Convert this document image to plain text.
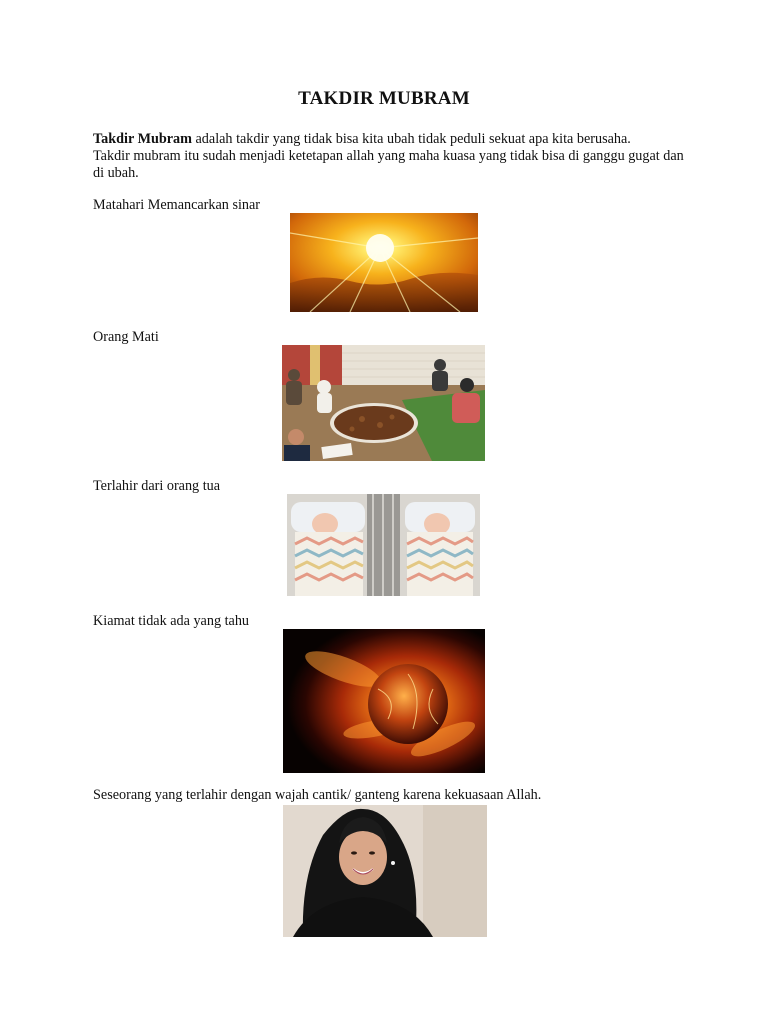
TAKDIR MUBRAM
Takdir Mubram adalah takdir yang tidak bisa kita ubah tidak peduli sekuat apa kita berusaha.
Takdir mubram itu sudah menjadi ketetapan allah yang maha kuasa yang tidak bisa di ganggu gugat dan di ubah.
Matahari Memancarkan sinar
Orang Mati
Terlahir dari orang tua
Kiamat tidak ada yang tahu
Seseorang yang terlahir dengan wajah cantik/ ganteng karena kekuasaan Allah.
